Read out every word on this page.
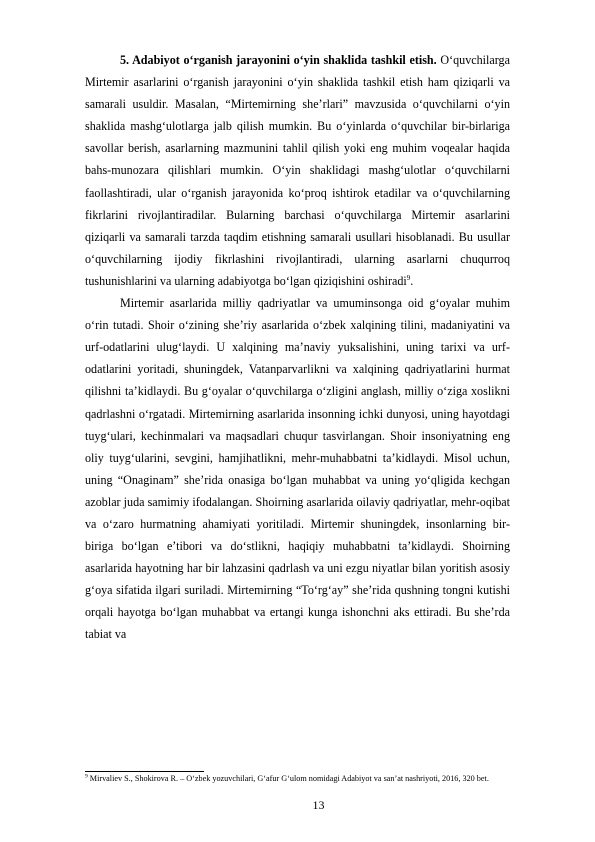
5. Adabiyot o‘rganish jarayonini o‘yin shaklida tashkil etish. O‘quvchilarga Mirtemir asarlarini o‘rganish jarayonini o‘yin shaklida tashkil etish ham qiziqarli va samarali usuldir. Masalan, “Mirtemirning she’rlari” mavzusida o‘quvchilarni o‘yin shaklida mashg‘ulotlarga jalb qilish mumkin. Bu o‘yinlarda o‘quvchilar bir-birlariga savollar berish, asarlarning mazmunini tahlil qilish yoki eng muhim voqealar haqida bahs-munozara qilishlari mumkin. O‘yin shaklidagi mashg‘ulotlar o‘quvchilarni faollashtiradi, ular o‘rganish jarayonida ko‘proq ishtirok etadilar va o‘quvchilarning fikrlarini rivojlantiradilar. Bularning barchasi o‘quvchilarga Mirtemir asarlarini qiziqarli va samarali tarzda taqdim etishning samarali usullari hisoblanadi. Bu usullar o‘quvchilarning ijodiy fikrlashini rivojlantiradi, ularning asarlarni chuqurroq tushunishlarini va ularning adabiyotga bo‘lgan qiziqishini oshiradi$^9$.

Mirtemir asarlarida milliy qadriyatlar va umuminsonga oid g‘oyalar muhim o‘rin tutadi. Shoir o‘zining she’riy asarlarida o‘zbek xalqining tilini, madaniyatini va urf-odatlarini ulug‘laydi. U xalqining ma’naviy yuksalishini, uning tarixi va urf-odatlarini yoritadi, shuningdek, Vatanparvarlikni va xalqining qadriyatlarini hurmat qilishni ta’kidlaydi. Bu g‘oyalar o‘quvchilarga o‘zligini anglash, milliy o‘ziga xoslikni qadrlashni o‘rgatadi. Mirtemirning asarlarida insonning ichki dunyosi, uning hayotdagi tuyg‘ulari, kechinmalari va maqsadlari chuqur tasvirlangan. Shoir insoniyatning eng oliy tuyg‘ularini, sevgini, hamjihatlikni, mehr-muhabbatni ta’kidlaydi. Misol uchun, uning “Onaginam” she’rida onasiga bo‘lgan muhabbat va uning yo‘qligida kechgan azoblar juda samimiy ifodalangan. Shoirning asarlarida oilaviy qadriyatlar, mehr-oqibat va o‘zaro hurmatning ahamiyati yoritiladi. Mirtemir shuningdek, insonlarning bir-biriga bo‘lgan e’tibori va do‘stlikni, haqiqiy muhabbatni ta’kidlaydi. Shoirning asarlarida hayotning har bir lahzasini qadrlash va uni ezgu niyatlar bilan yoritish asosiy g‘oya sifatida ilgari suriladi. Mirtemirning “To‘rg‘ay” she’rida qushning tongni kutishi orqali hayotga bo‘lgan muhabbat va ertangi kunga ishonchni aks ettiradi. Bu she’rda tabiat va

$^9$ Mirvaliev S., Shokirova R. – O‘zbek yozuvchilari, G‘afur G‘ulom nomidagi Adabiyot va san’at nashriyoti, 2016, 320 bet.

13
